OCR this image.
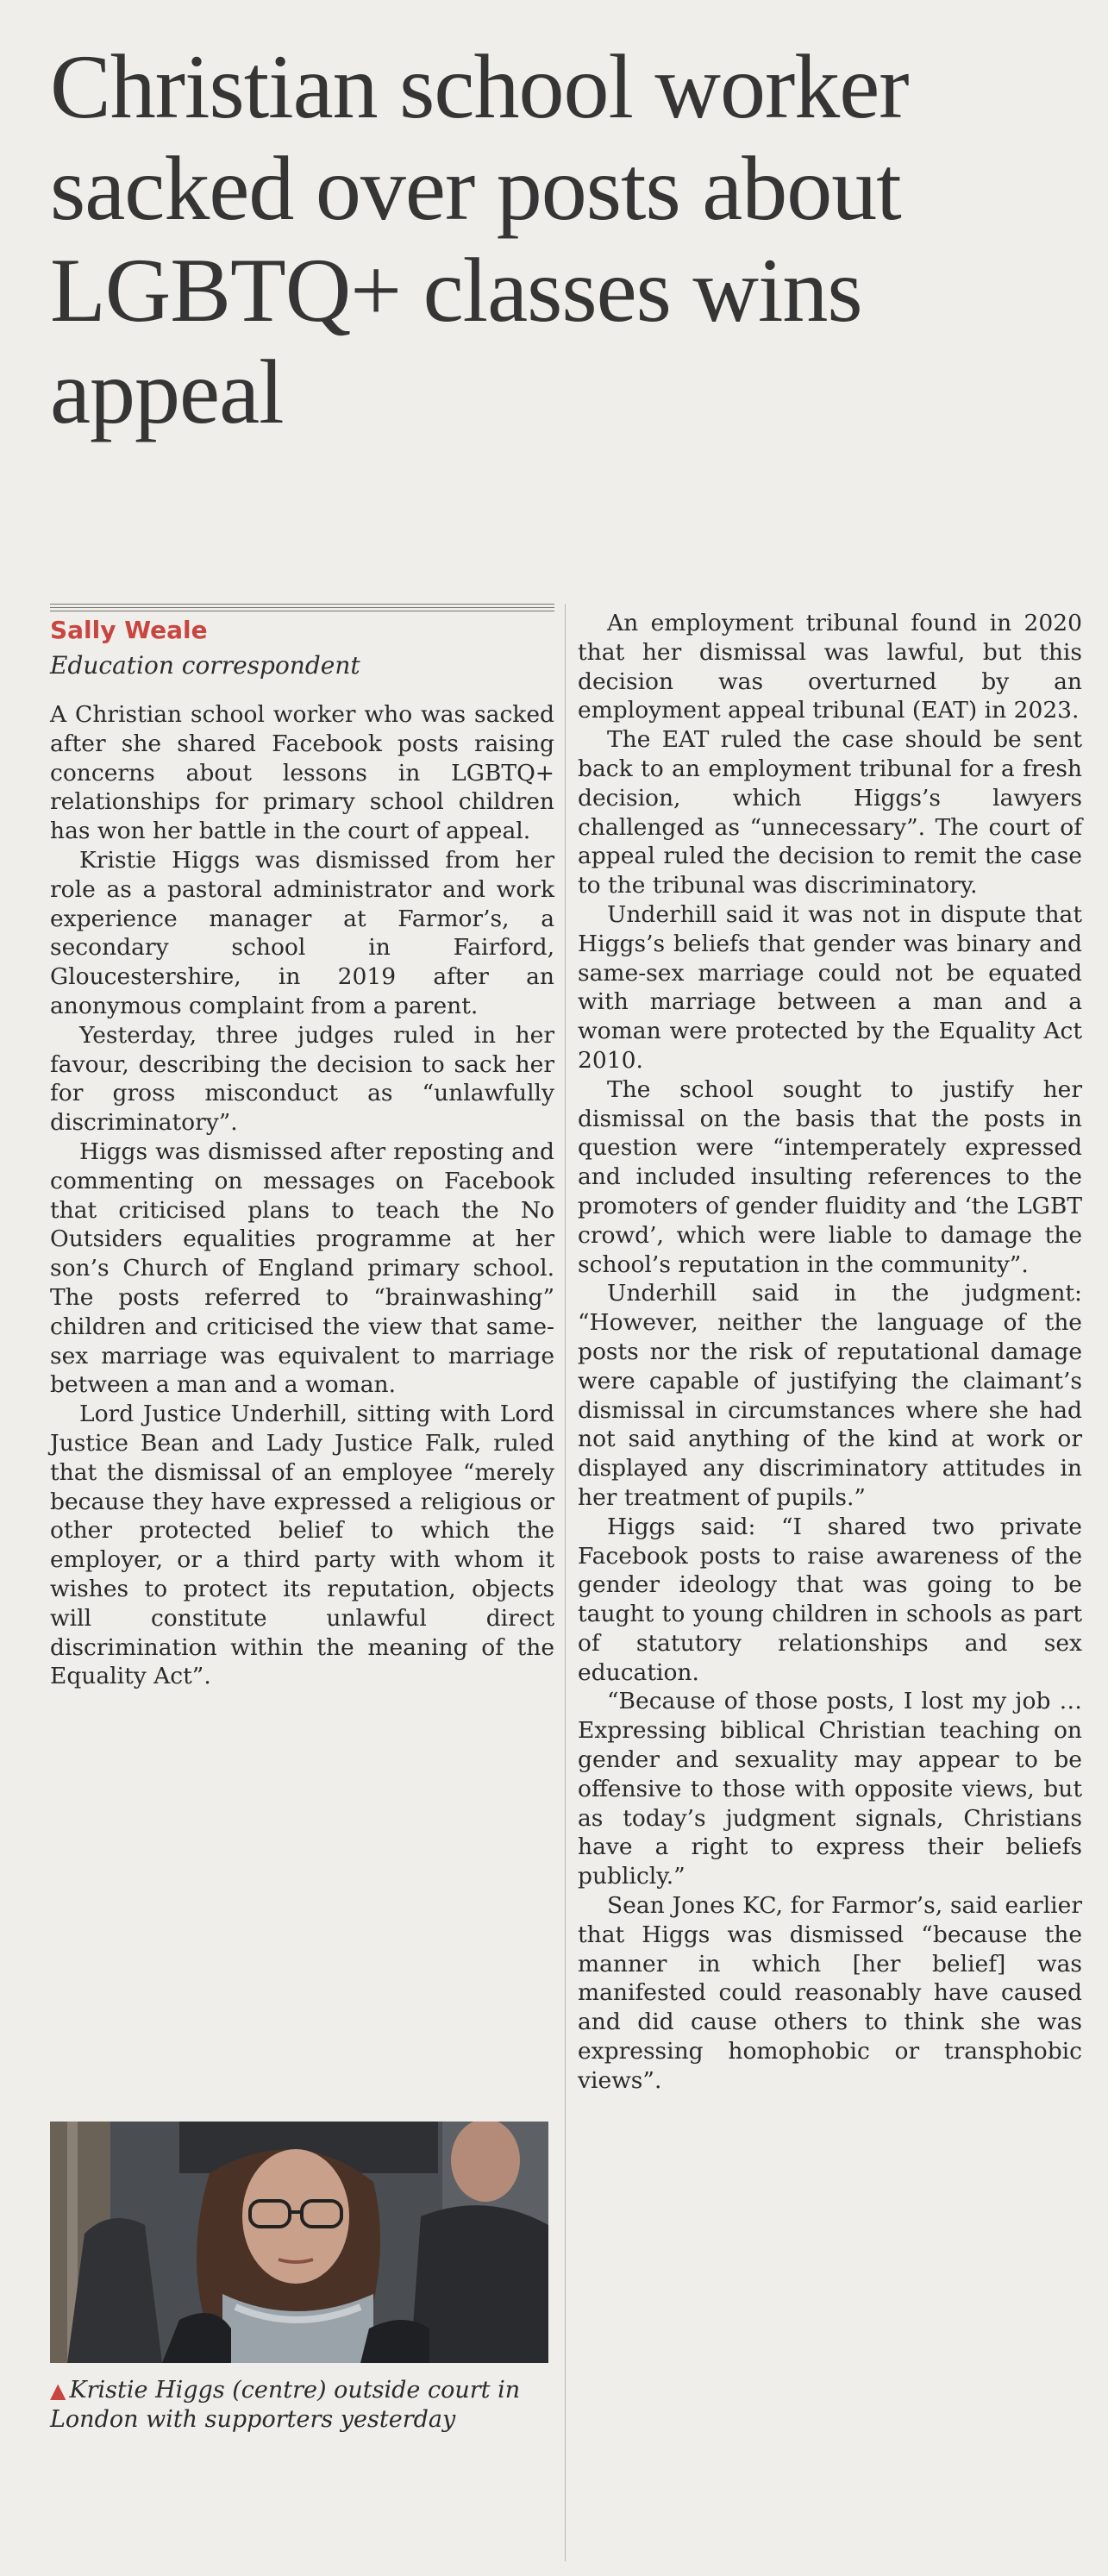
Christian school worker sacked over posts about LGBTQ+ classes wins appeal
Sally Weale
Education correspondent

A Christian school worker who was sacked after she shared Facebook posts raising concerns about lessons in LGBTQ+ relationships for primary school children has won her battle in the court of appeal.

Kristie Higgs was dismissed from her role as a pastoral administrator and work experience manager at Farmor’s, a secondary school in Fairford, Gloucestershire, in 2019 after an anonymous complaint from a parent.

Yesterday, three judges ruled in her favour, describing the decision to sack her for gross misconduct as “unlawfully discriminatory”.

Higgs was dismissed after reposting and commenting on messages on Facebook that criticised plans to teach the No Outsiders equalities programme at her son’s Church of England primary school. The posts referred to “brainwashing” children and criticised the view that same-sex marriage was equivalent to marriage between a man and a woman.

Lord Justice Underhill, sitting with Lord Justice Bean and Lady Justice Falk, ruled that the dismissal of an employee “merely because they have expressed a religious or other protected belief to which the employer, or a third party with whom it wishes to protect its reputation, objects will constitute unlawful direct discrimination within the meaning of the Equality Act”.

An employment tribunal found in 2020 that her dismissal was lawful, but this decision was overturned by an employment appeal tribunal (EAT) in 2023.

The EAT ruled the case should be sent back to an employment tribunal for a fresh decision, which Higgs’s lawyers challenged as “unnecessary”. The court of appeal ruled the decision to remit the case to the tribunal was discriminatory.

Underhill said it was not in dispute that Higgs’s beliefs that gender was binary and same-sex marriage could not be equated with marriage between a man and a woman were protected by the Equality Act 2010.

The school sought to justify her dismissal on the basis that the posts in question were “intemperately expressed and included insulting references to the promoters of gender fluidity and ‘the LGBT crowd’, which were liable to damage the school’s reputation in the community”.

Underhill said in the judgment: “However, neither the language of the posts nor the risk of reputational damage were capable of justifying the claimant’s dismissal in circumstances where she had not said anything of the kind at work or displayed any discriminatory attitudes in her treatment of pupils.”

Higgs said: “I shared two private Facebook posts to raise awareness of the gender ideology that was going to be taught to young children in schools as part of statutory relationships and sex education.

“Because of those posts, I lost my job … Expressing biblical Christian teaching on gender and sexuality may appear to be offensive to those with opposite views, but as today’s judgment signals, Christians have a right to express their beliefs publicly.”

Sean Jones KC, for Farmor’s, said earlier that Higgs was dismissed “because the manner in which [her belief] was manifested could reasonably have caused and did cause others to think she was expressing homophobic or transphobic views”.

▲ Kristie Higgs (centre) outside court in London with supporters yesterday
